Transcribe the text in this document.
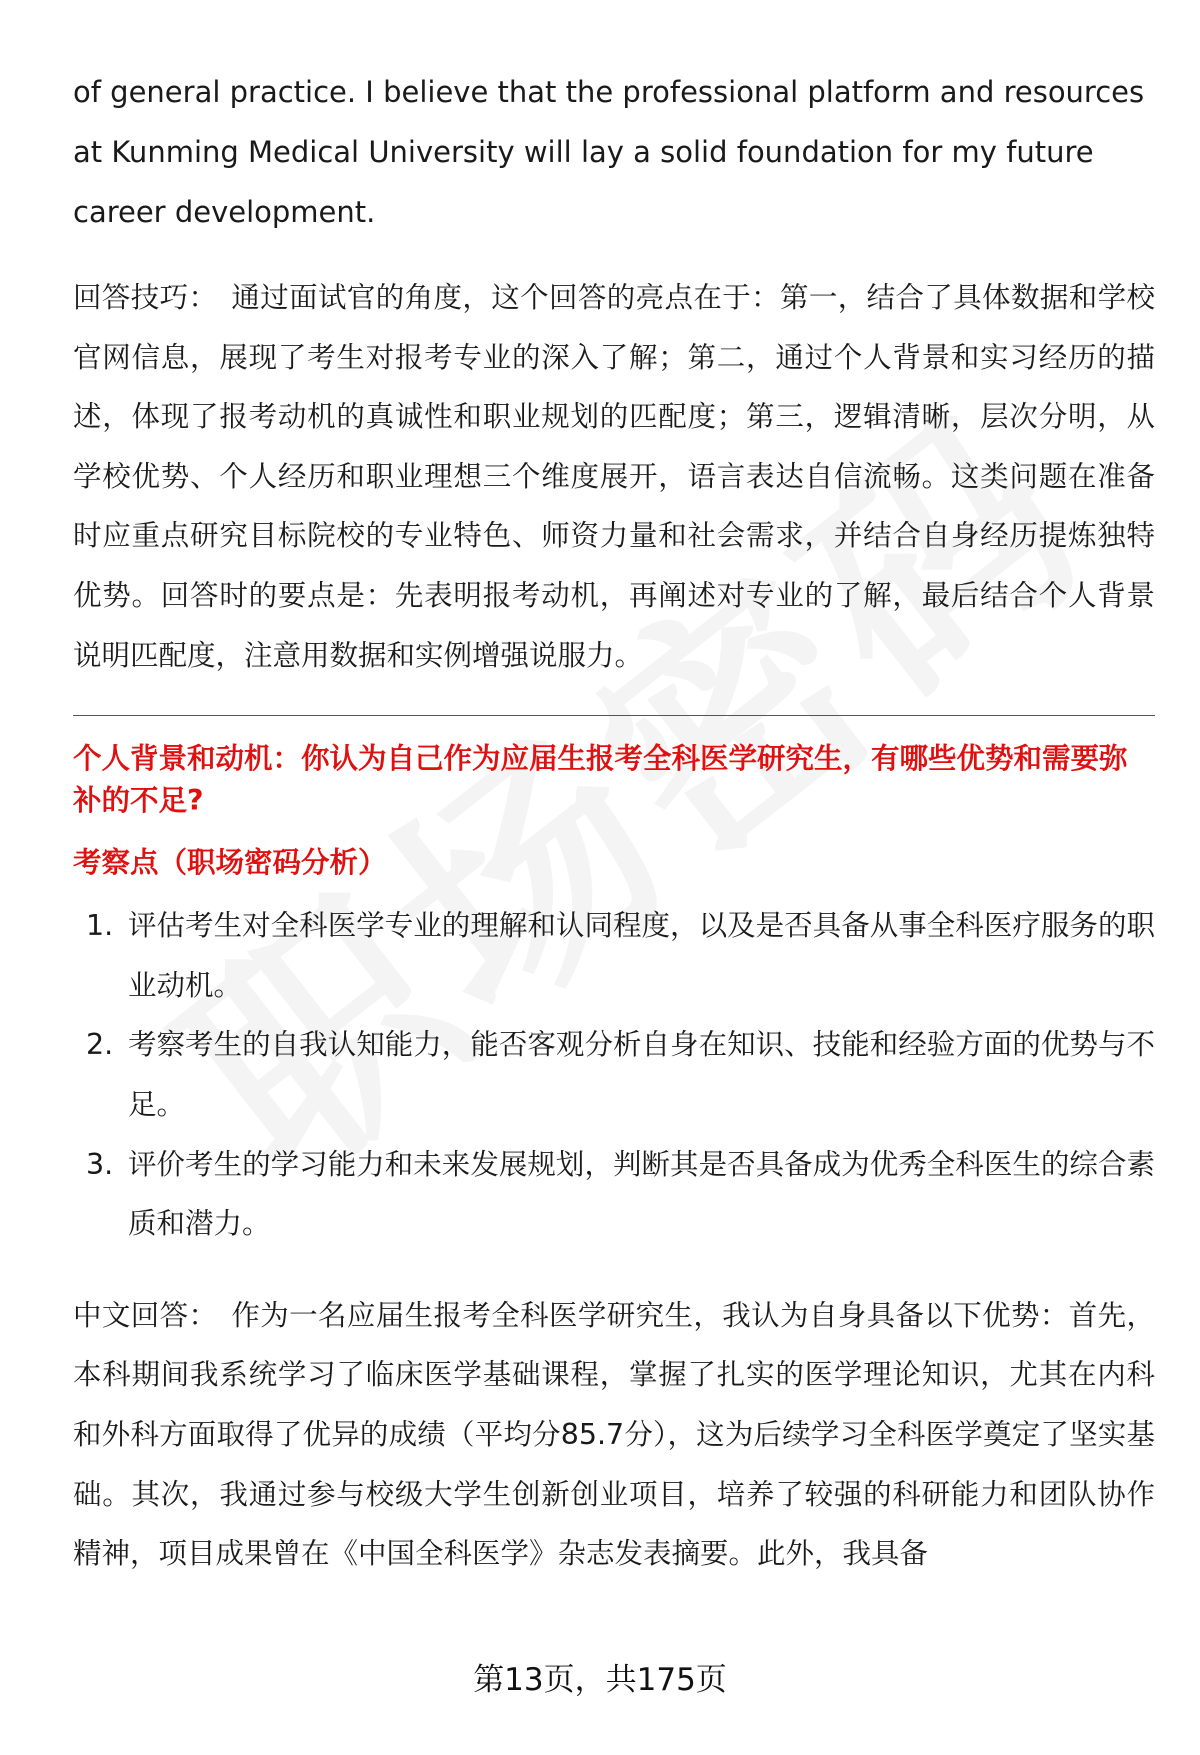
of general practice. I believe that the professional platform and resources at Kunming Medical University will lay a solid foundation for my future career development.

回答技巧： 通过面试官的角度，这个回答的亮点在于：第一，结合了具体数据和学校官网信息，展现了考生对报考专业的深入了解；第二，通过个人背景和实习经历的描述，体现了报考动机的真诚性和职业规划的匹配度；第三，逻辑清晰，层次分明，从学校优势、个人经历和职业理想三个维度展开，语言表达自信流畅。这类问题在准备时应重点研究目标院校的专业特色、师资力量和社会需求，并结合自身经历提炼独特优势。回答时的要点是：先表明报考动机，再阐述对专业的了解，最后结合个人背景说明匹配度，注意用数据和实例增强说服力。

个人背景和动机：你认为自己作为应届生报考全科医学研究生，有哪些优势和需要弥补的不足?

考察点（职场密码分析）

1. 评估考生对全科医学专业的理解和认同程度，以及是否具备从事全科医疗服务的职业动机。
2. 考察考生的自我认知能力，能否客观分析自身在知识、技能和经验方面的优势与不足。
3. 评价考生的学习能力和未来发展规划，判断其是否具备成为优秀全科医生的综合素质和潜力。

中文回答： 作为一名应届生报考全科医学研究生，我认为自身具备以下优势：首先，本科期间我系统学习了临床医学基础课程，掌握了扎实的医学理论知识，尤其在内科和外科方面取得了优异的成绩（平均分85.7分），这为后续学习全科医学奠定了坚实基础。其次，我通过参与校级大学生创新创业项目，培养了较强的科研能力和团队协作精神，项目成果曾在《中国全科医学》杂志发表摘要。此外，我具备

第13页，共175页
